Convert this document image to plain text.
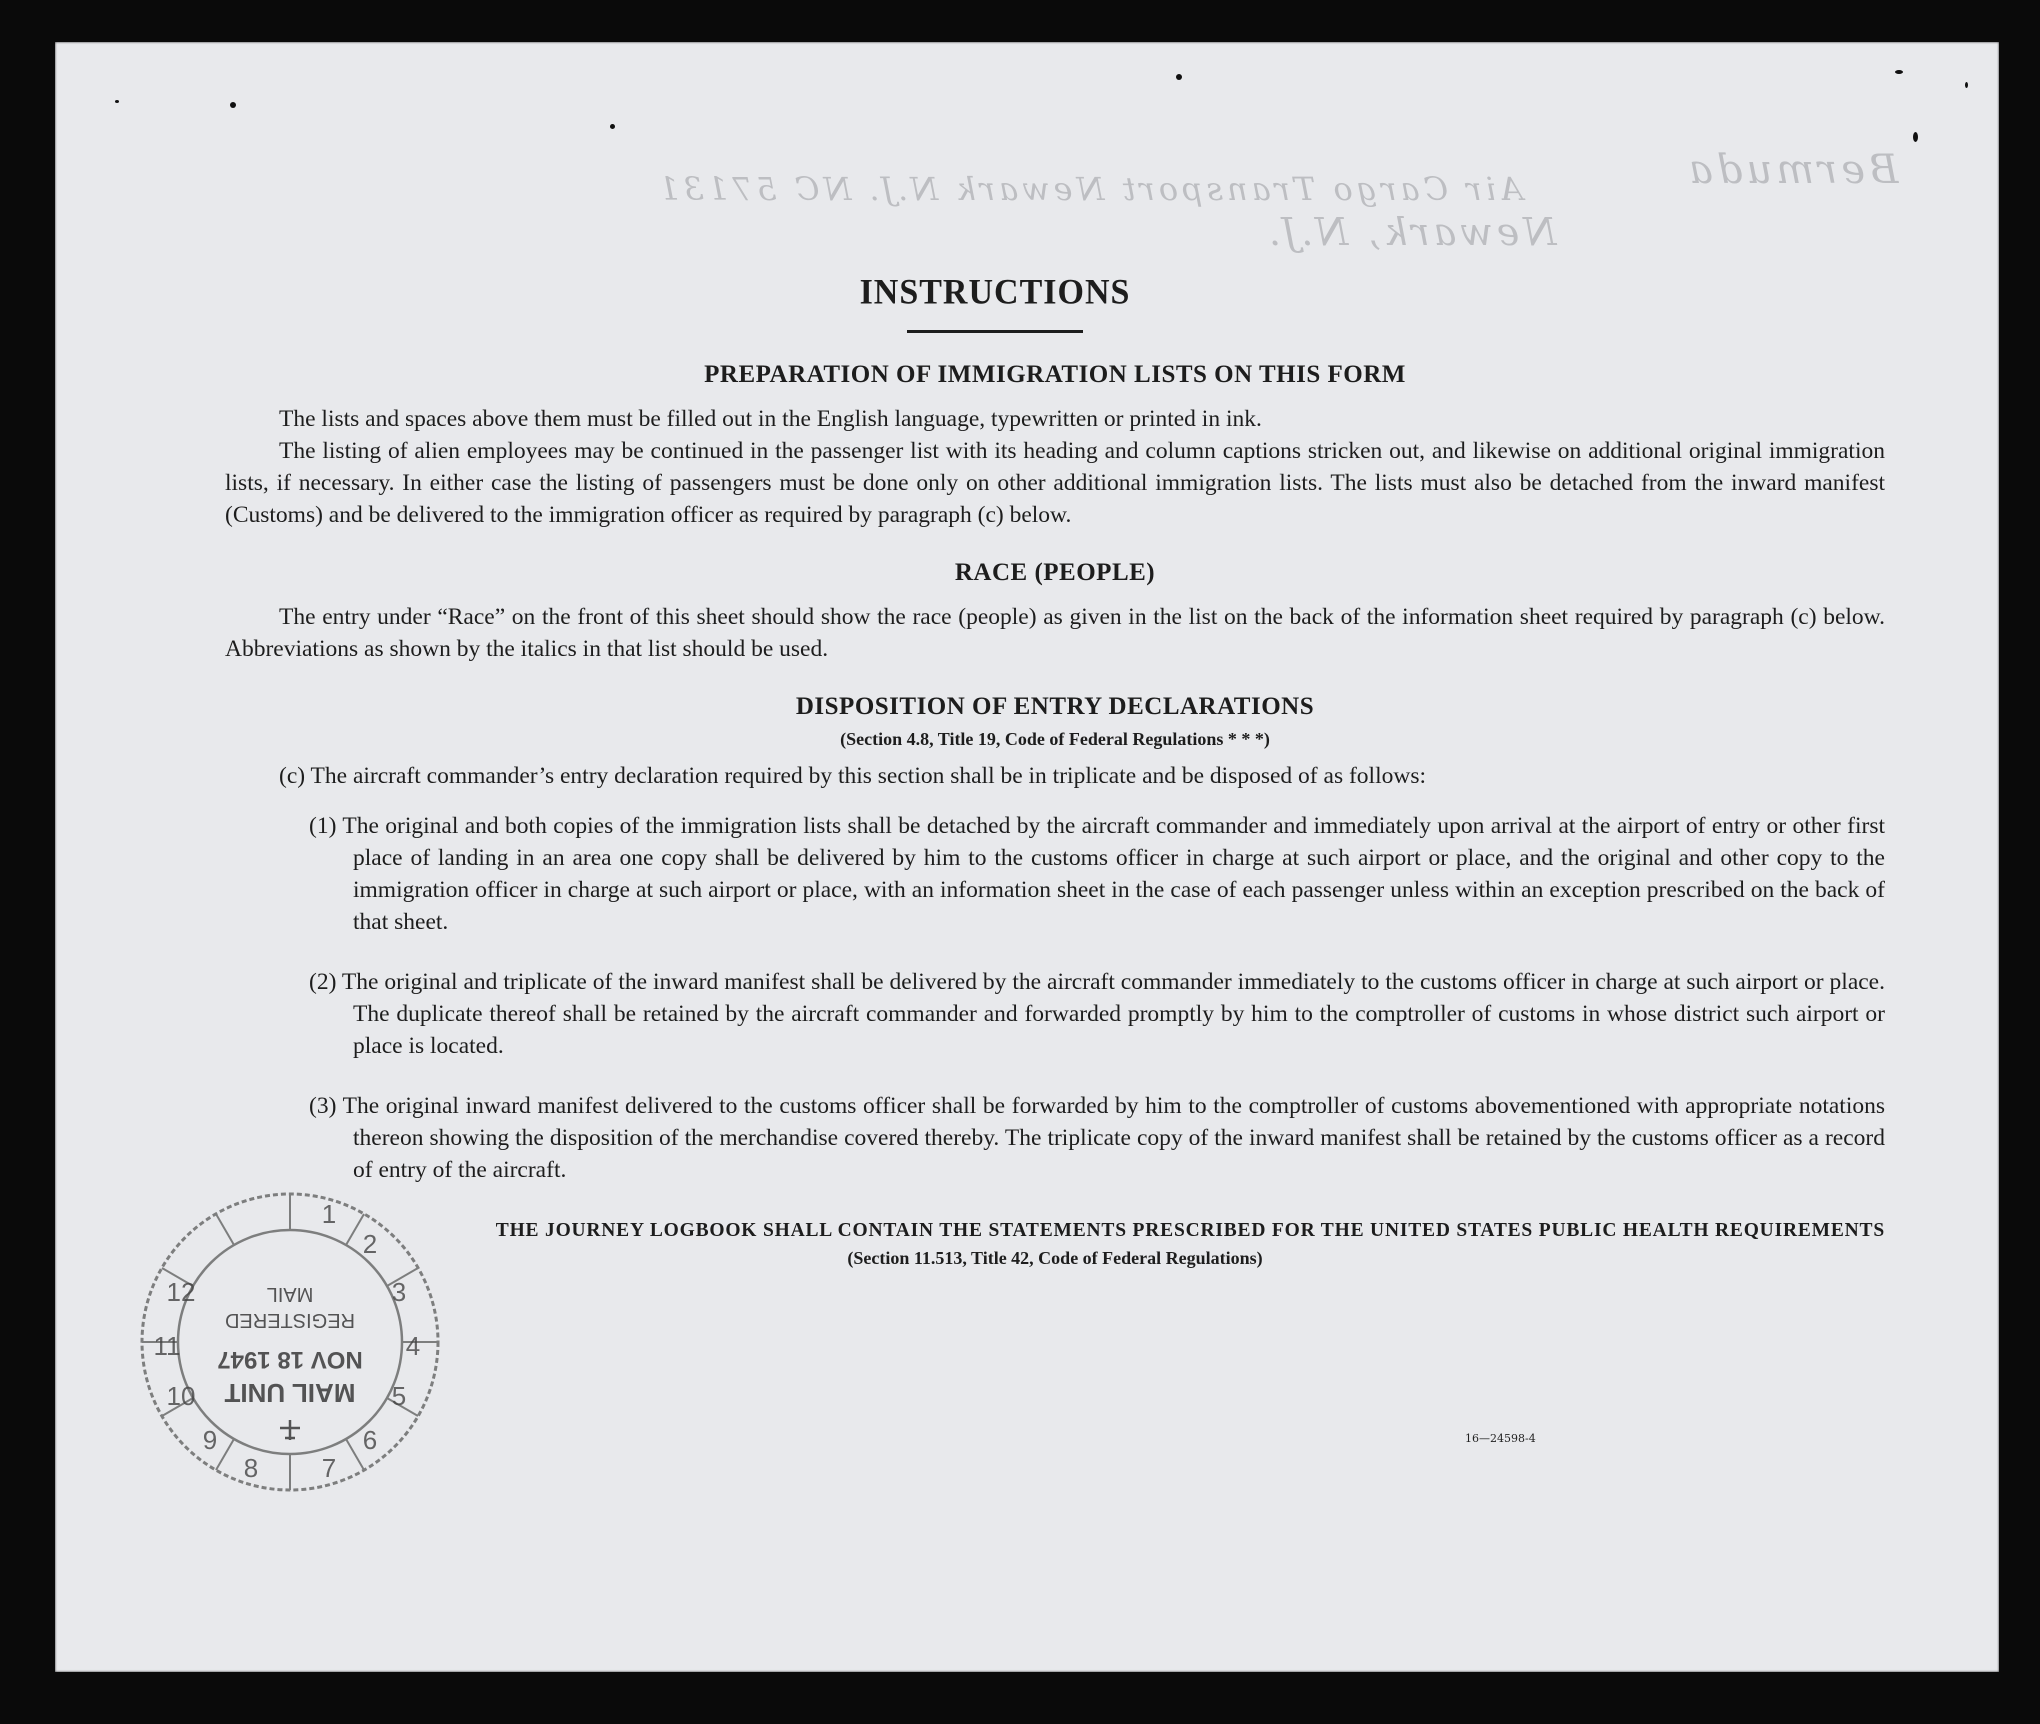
Bermuda
Air Cargo Transport Newark N.J. NC 57131
Newark, N.J.
INSTRUCTIONS
PREPARATION OF IMMIGRATION LISTS ON THIS FORM

The lists and spaces above them must be filled out in the English language, typewritten or printed in ink.

The listing of alien employees may be continued in the passenger list with its heading and column captions stricken out, and likewise on additional original immigration lists, if necessary. In either case the listing of passengers must be done only on other additional immigration lists. The lists must also be detached from the inward manifest (Customs) and be delivered to the immigration officer as required by paragraph (c) below.

RACE (PEOPLE)

The entry under “Race” on the front of this sheet should show the race (people) as given in the list on the back of the information sheet required by paragraph (c) below. Abbreviations as shown by the italics in that list should be used.

DISPOSITION OF ENTRY DECLARATIONS
(Section 4.8, Title 19, Code of Federal Regulations * * *)

(c) The aircraft commander’s entry declaration required by this section shall be in triplicate and be disposed of as follows:

(1) The original and both copies of the immigration lists shall be detached by the aircraft commander and immediately upon arrival at the airport of entry or other first place of landing in an area one copy shall be delivered by him to the customs officer in charge at such airport or place, and the original and other copy to the immigration officer in charge at such airport or place, with an information sheet in the case of each passenger unless within an exception prescribed on the back of that sheet.

(2) The original and triplicate of the inward manifest shall be delivered by the aircraft commander immediately to the customs officer in charge at such airport or place. The duplicate thereof shall be retained by the aircraft commander and forwarded promptly by him to the comptroller of customs in whose district such airport or place is located.

(3) The original inward manifest delivered to the customs officer shall be forwarded by him to the comptroller of customs abovementioned with appropriate notations thereon showing the disposition of the merchandise covered thereby. The triplicate copy of the inward manifest shall be retained by the customs officer as a record of entry of the aircraft.

THE JOURNEY LOGBOOK SHALL CONTAIN THE STATEMENTS PRESCRIBED FOR THE UNITED STATES PUBLIC HEALTH REQUIREMENTS
(Section 11.513, Title 42, Code of Federal Regulations)
16—24598-4
1
2
3
4
5
6
7
8
9
10
11
12
MAIL UNIT
NOV 18 1947
REGISTERED
MAIL
